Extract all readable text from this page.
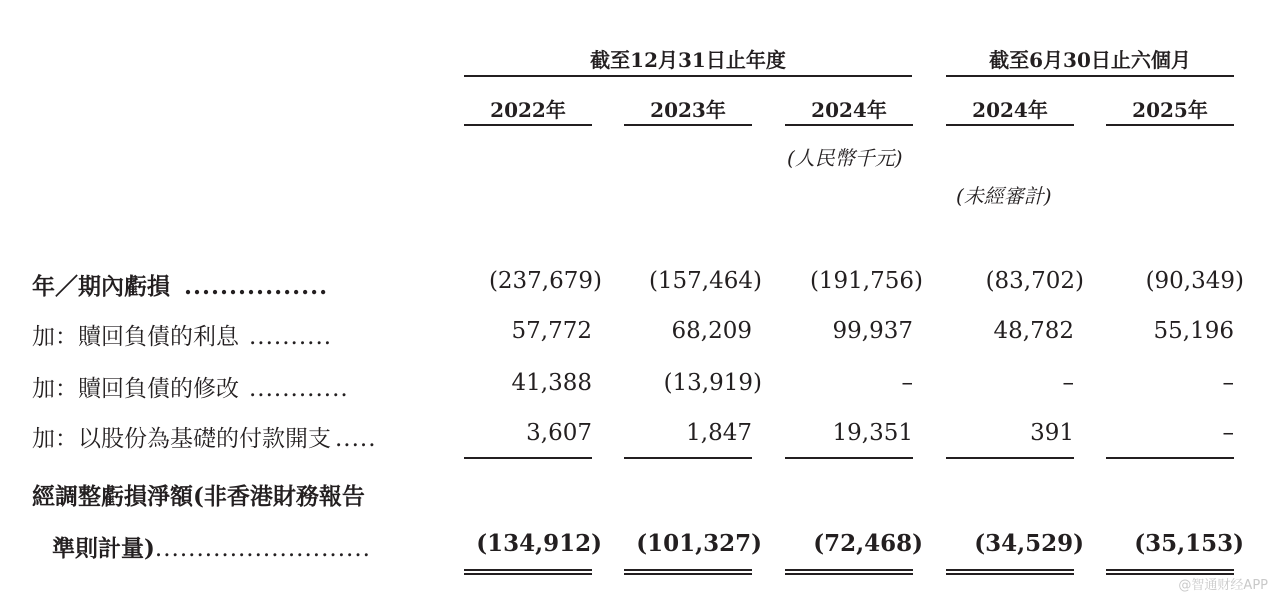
截至12月31日止年度	截至6月30日止六個月
2022年	2023年	2024年	2024年	2025年
(人民幣千元)
(未經審計)
年／期內虧損 ................	(237,679)	(157,464)	(191,756)	(83,702)	(90,349)
加：贖回負債的利息 ..........	57,772	68,209	99,937	48,782	55,196
加：贖回負債的修改 ............	41,388	(13,919)	–	–	–
加：以股份為基礎的付款開支 .....	3,607	1,847	19,351	391	–
經調整虧損淨額(非香港財務報告
準則計量)..........................	(134,912)	(101,327)	(72,468)	(34,529)	(35,153)
@智通财经APP
